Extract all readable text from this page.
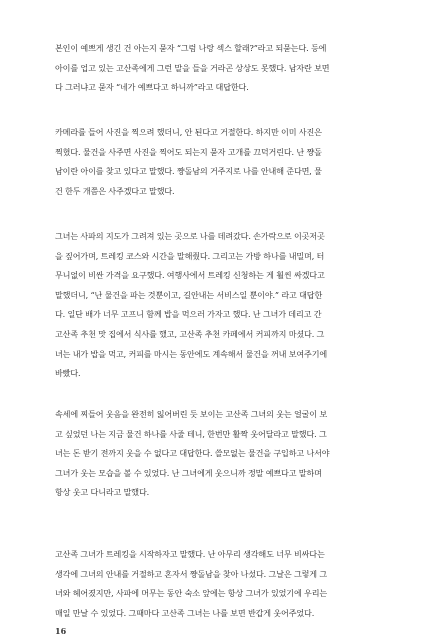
본인이 예쁘게 생긴 건 아는지 묻자 “그럼 나랑 섹스 할래?”라고 되묻는다. 등에
아이를 업고 있는 고산족에게 그런 말을 들을 거라곤 상상도 못했다. 남자란 보면
다 그러냐고 묻자 “네가 예쁘다고 하니까”라고 대답한다.
카메라를 들어 사진을 찍으려 했더니, 안 된다고 거절한다. 하지만 이미 사진은
찍혔다. 물건을 사주면 사진을 찍어도 되는지 묻자 고개를 끄덕거린다. 난 쨩돌
남이란 아이를 찾고 있다고 말했다. 쨩돌남의 거주지로 나를 안내해 준다면, 물
건 한두 개쯤은 사주겠다고 말했다.
그녀는 사파의 지도가 그려져 있는 곳으로 나를 데려갔다. 손가락으로 이곳저곳
을 짚어가며, 트레킹 코스와 시간을 말해줬다. 그리고는 가방 하나를 내밀며, 터
무니없이 비싼 가격을 요구했다. 여행사에서 트레킹 신청하는 게 훨씬 싸겠다고
말했더니, “난 물건을 파는 것뿐이고, 길안내는 서비스일 뿐이야.” 라고 대답한
다. 일단 배가 너무 고프니 함께 밥을 먹으러 가자고 했다. 난 그녀가 데리고 간
고산족 추천 맛 집에서 식사를 했고, 고산족 추천 카페에서 커피까지 마셨다. 그
녀는 내가 밥을 먹고, 커피를 마시는 동안에도 계속해서 물건을 꺼내 보여주기에
바빴다.
속세에 찌들어 웃음을 완전히 잃어버린 듯 보이는 고산족 그녀의 웃는 얼굴이 보
고 싶었던 나는 지금 물건 하나를 사줄 테니, 한번만 활짝 웃어달라고 말했다. 그
녀는 돈 받기 전까지 웃을 수 없다고 대답한다. 쓸모없는 물건을 구입하고 나서야
그녀가 웃는 모습을 볼 수 있었다. 난 그녀에게 웃으니까 정말 예쁘다고 말하며
항상 웃고 다니라고 말했다.
고산족 그녀가 트레킹을 시작하자고 말했다. 난 아무리 생각해도 너무 비싸다는
생각에 그녀의 안내를 거절하고 혼자서 쨩돌남을 찾아 나섰다. 그날은 그렇게 그
녀와 헤어졌지만, 사파에 머무는 동안 숙소 앞에는 항상 그녀가 있었기에 우리는
매일 만날 수 있었다. 그때마다 고산족 그녀는 나를 보면 반갑게 웃어주었다.
16
